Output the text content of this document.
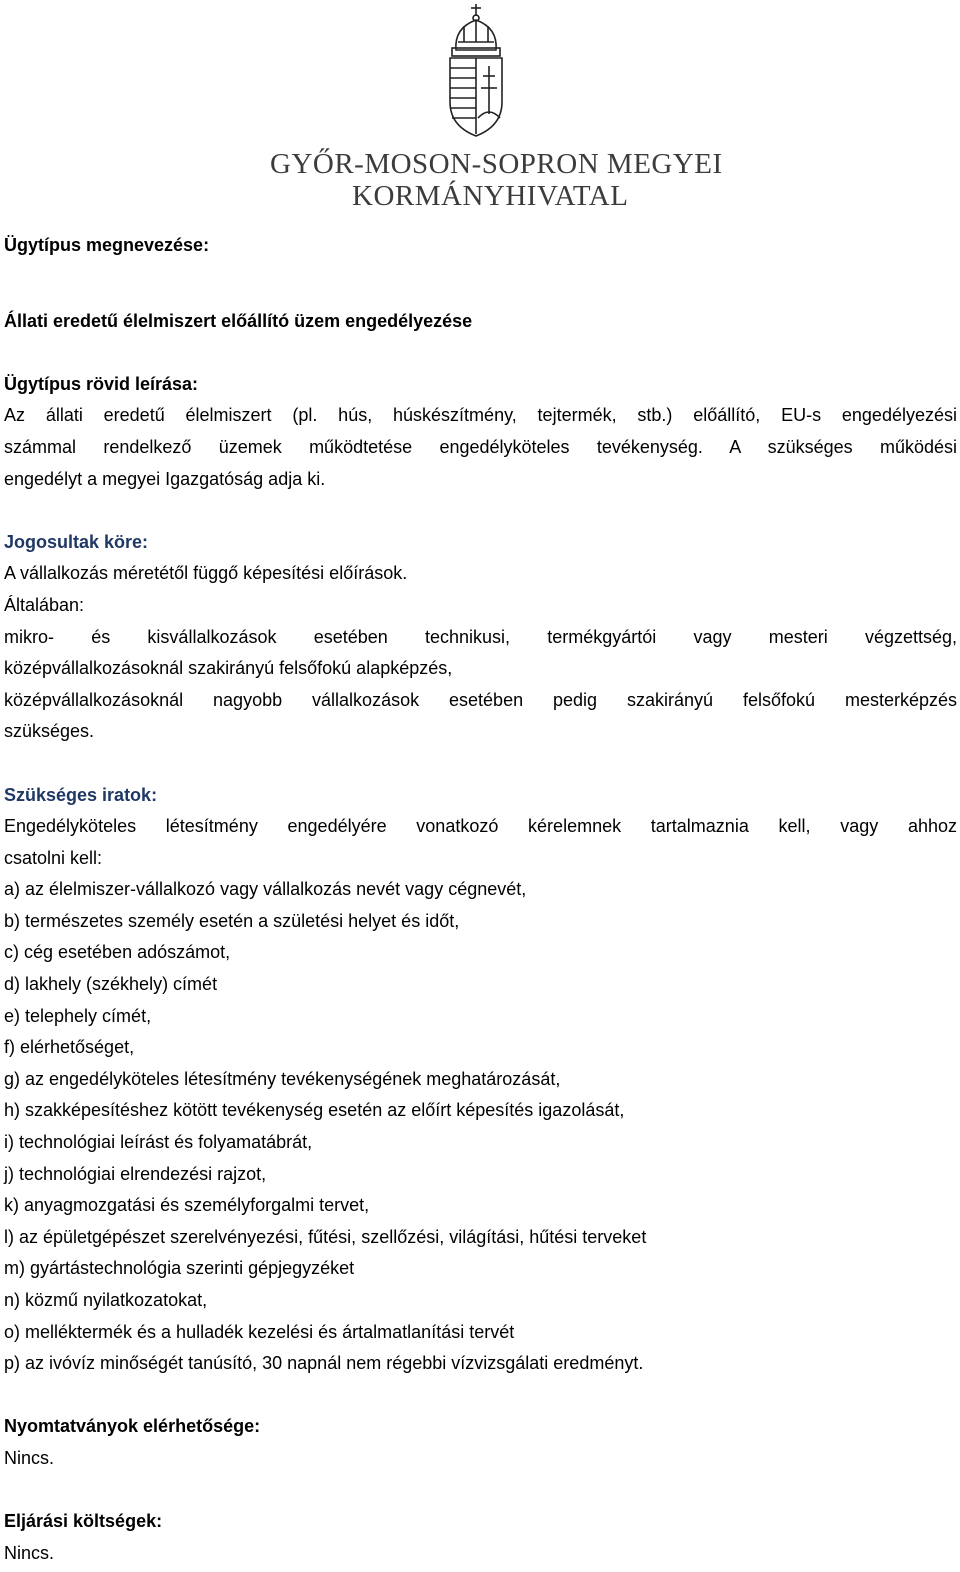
GYŐR-MOSON-SOPRON MEGYEI
KORMÁNYHIVATAL
Ügytípus megnevezése:
Állati eredetű élelmiszert előállító üzem engedélyezése
Ügytípus rövid leírása:
Az állati eredetű élelmiszert (pl. hús, húskészítmény, tejtermék, stb.) előállító, EU-s engedélyezési
számmal rendelkező üzemek működtetése engedélyköteles tevékenység. A szükséges működési
engedélyt a megyei Igazgatóság adja ki.
Jogosultak köre:
A vállalkozás méretétől függő képesítési előírások.
Általában:
mikro- és kisvállalkozások esetében technikusi, termékgyártói vagy mesteri végzettség,
középvállalkozásoknál szakirányú felsőfokú alapképzés,
középvállalkozásoknál nagyobb vállalkozások esetében pedig szakirányú felsőfokú mesterképzés
szükséges.
Szükséges iratok:
Engedélyköteles létesítmény engedélyére vonatkozó kérelemnek tartalmaznia kell, vagy ahhoz
csatolni kell:
a) az élelmiszer-vállalkozó vagy vállalkozás nevét vagy cégnevét,
b) természetes személy esetén a születési helyet és időt,
c) cég esetében adószámot,
d) lakhely (székhely) címét
e) telephely címét,
f) elérhetőséget,
g) az engedélyköteles létesítmény tevékenységének meghatározását,
h) szakképesítéshez kötött tevékenység esetén az előírt képesítés igazolását,
i) technológiai leírást és folyamatábrát,
j) technológiai elrendezési rajzot,
k) anyagmozgatási és személyforgalmi tervet,
l) az épületgépészet szerelvényezési, fűtési, szellőzési, világítási, hűtési terveket
m) gyártástechnológia szerinti gépjegyzéket
n) közmű nyilatkozatokat,
o) melléktermék és a hulladék kezelési és ártalmatlanítási tervét
p) az ivóvíz minőségét tanúsító, 30 napnál nem régebbi vízvizsgálati eredményt.
Nyomtatványok elérhetősége:
Nincs.
Eljárási költségek:
Nincs.
